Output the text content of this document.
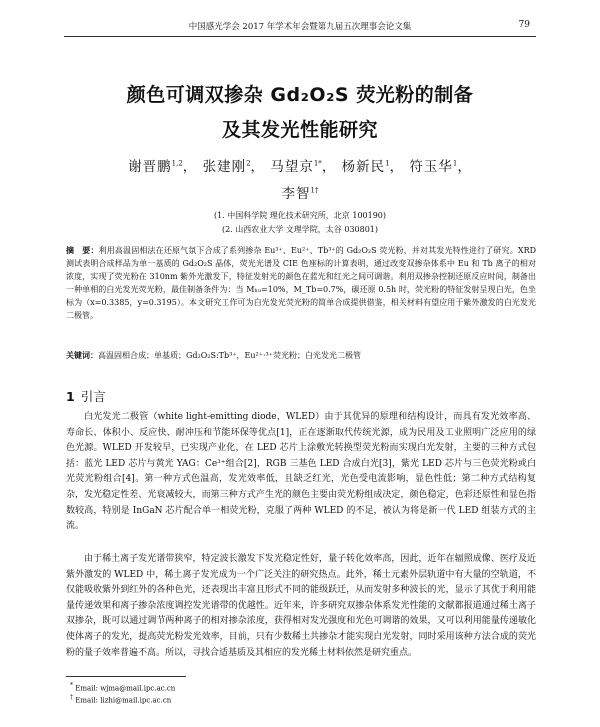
中国感光学会 2017 年学术年会暨第九届五次理事会论文集	79
颜色可调双掺杂 Gd₂O₂S 荧光粉的制备
及其发光性能研究
谢晋鹏$^{1,2}$， 张建刚$^2$， 马望京$^{1*}$， 杨新民$^1$， 符玉华$^1$，
李智$^{1\dagger}$
(1. 中国科学院 理化技术研究所，北京 100190)
(2. 山西农业大学 文理学院，太谷 030801)
摘　要：利用高温固相法在还原气氛下合成了系列掺杂 Eu³⁺、Eu²⁺、Tb³⁺的 Gd₂O₂S 荧光粉，并对其发光特性进行了研究。XRD 测试表明合成样品为单一基质的 Gd₂O₂S 晶体，荧光光谱及 CIE 色座标的计算表明，通过改变双掺杂体系中 Eu 和 Tb 离子的相对浓度，实现了荧光粉在 310nm 紫外光激发下，特征发射光的颜色在蓝光和红光之间可调谐。利用双掺杂控制还原反应时间，制备出一种单相的白光发光荧光粉，最佳制备条件为：当 Mₕᵤ=10%，M_Tb=0.7%，碳还原 0.5h 时，荧光粉的特征发射呈现白光，色坐标为（x=0.3385，y=0.3195）。本文研究工作可为白光发光荧光粉的简单合成提供借鉴，相关材料有望应用于紫外激发的白光发光二极管。
关键词：高温固相合成；单基质；Gd₂O₂S:Tb³⁺，Eu²⁺·³⁺荧光粉；白光发光二极管
1 引言
白光发光二极管（white light-emitting diode，WLED）由于其优异的原理和结构设计，而具有发光效率高、寿命长、体积小、反应快、耐冲压和节能环保等优点[1]，正在逐渐取代传统光源，成为民用及工业照明广泛应用的绿色光源。WLED 开发较早，已实现产业化，在 LED 芯片上涂敷光转换型荧光粉而实现白光发射，主要的三种方式包括：蓝光 LED 芯片与黄光 YAG：Ce³⁺组合[2]，RGB 三基色 LED 合成白光[3]，紫光 LED 芯片与三色荧光粉或白光荧光粉组合[4]。第一种方式色温高，发光效率低，且缺乏红光，光色受电流影响，显色性低；第二种方式结构复杂，发光稳定性差、光衰减较大，而第三种方式产生光的颜色主要由荧光粉组成决定，颜色稳定，色彩还原性和显色指数较高，特别是 InGaN 芯片配合单一相荧光粉，克服了两种 WLED 的不足，被认为将是新一代 LED 组装方式的主流。
由于稀土离子发光谱带狭窄，特定波长激发下发光稳定性好，量子转化效率高，因此，近年在辐照成像、医疗及近紫外激发的 WLED 中，稀土离子发光成为一个广泛关注的研究热点。此外，稀土元素外层轨道中有大量的空轨道，不仅能吸收紫外到红外的各种色光，还表现出丰富且形式不同的能级跃迁，从而发射多种波长的光，显示了其优于利用能量传递效果和离子掺杂浓度调控发光谱带的优越性。近年来，许多研究双掺杂体系发光性能的文献都报道通过稀土离子双掺杂，既可以通过调节两种离子的相对掺杂浓度，获得相对发光强度和光色可调谐的效果，又可以利用能量传递敏化使体离子的发光，提高荧光粉发光效率，目前，只有少数稀土共掺杂才能实现白光发射，同时采用该种方法合成的荧光粉的量子效率普遍不高。所以，寻找合适基质及其相应的发光稀土材料依然是研究重点。
* Email: wjma@mail.ipc.ac.cn
† Email: lizhi@mail.ipc.ac.cn
